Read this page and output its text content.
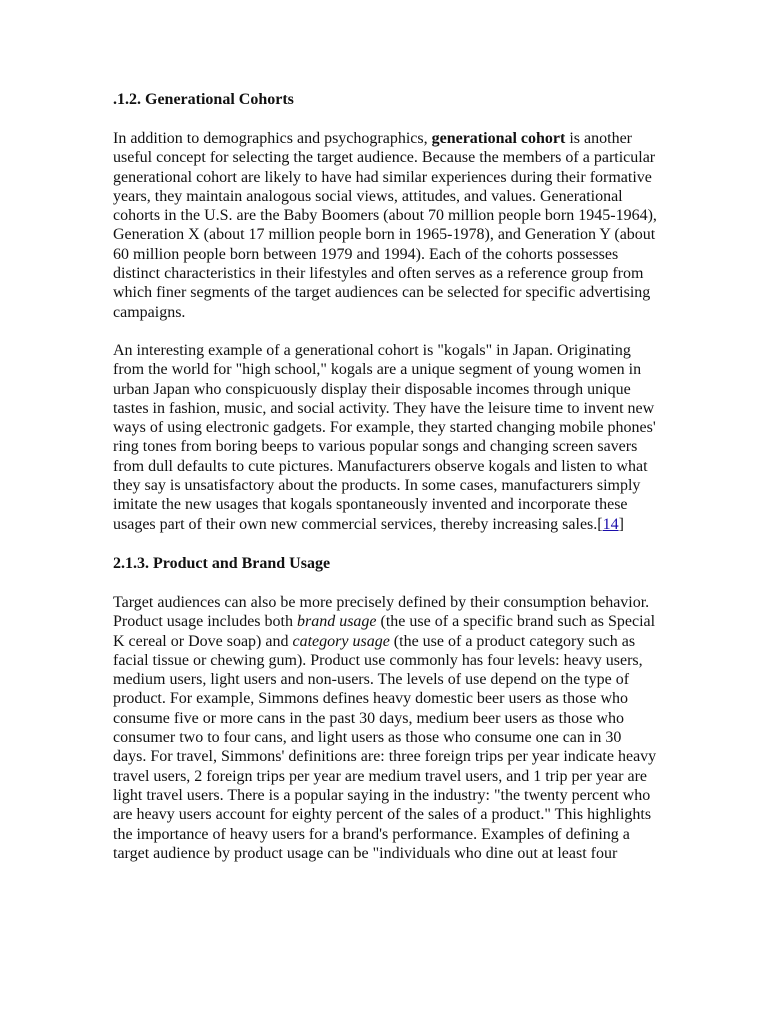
.1.2. Generational Cohorts

In addition to demographics and psychographics, generational cohort is another useful concept for selecting the target audience. Because the members of a particular generational cohort are likely to have had similar experiences during their formative years, they maintain analogous social views, attitudes, and values. Generational cohorts in the U.S. are the Baby Boomers (about 70 million people born 1945-1964), Generation X (about 17 million people born in 1965-1978), and Generation Y (about 60 million people born between 1979 and 1994). Each of the cohorts possesses distinct characteristics in their lifestyles and often serves as a reference group from which finer segments of the target audiences can be selected for specific advertising campaigns.

An interesting example of a generational cohort is "kogals" in Japan. Originating from the world for "high school," kogals are a unique segment of young women in urban Japan who conspicuously display their disposable incomes through unique tastes in fashion, music, and social activity. They have the leisure time to invent new ways of using electronic gadgets. For example, they started changing mobile phones' ring tones from boring beeps to various popular songs and changing screen savers from dull defaults to cute pictures. Manufacturers observe kogals and listen to what they say is unsatisfactory about the products. In some cases, manufacturers simply imitate the new usages that kogals spontaneously invented and incorporate these usages part of their own new commercial services, thereby increasing sales.[14]

2.1.3. Product and Brand Usage

Target audiences can also be more precisely defined by their consumption behavior. Product usage includes both brand usage (the use of a specific brand such as Special K cereal or Dove soap) and category usage (the use of a product category such as facial tissue or chewing gum). Product use commonly has four levels: heavy users, medium users, light users and non-users. The levels of use depend on the type of product. For example, Simmons defines heavy domestic beer users as those who consume five or more cans in the past 30 days, medium beer users as those who consumer two to four cans, and light users as those who consume one can in 30 days. For travel, Simmons' definitions are: three foreign trips per year indicate heavy travel users, 2 foreign trips per year are medium travel users, and 1 trip per year are light travel users. There is a popular saying in the industry: "the twenty percent who are heavy users account for eighty percent of the sales of a product." This highlights the importance of heavy users for a brand's performance. Examples of defining a target audience by product usage can be "individuals who dine out at least four
